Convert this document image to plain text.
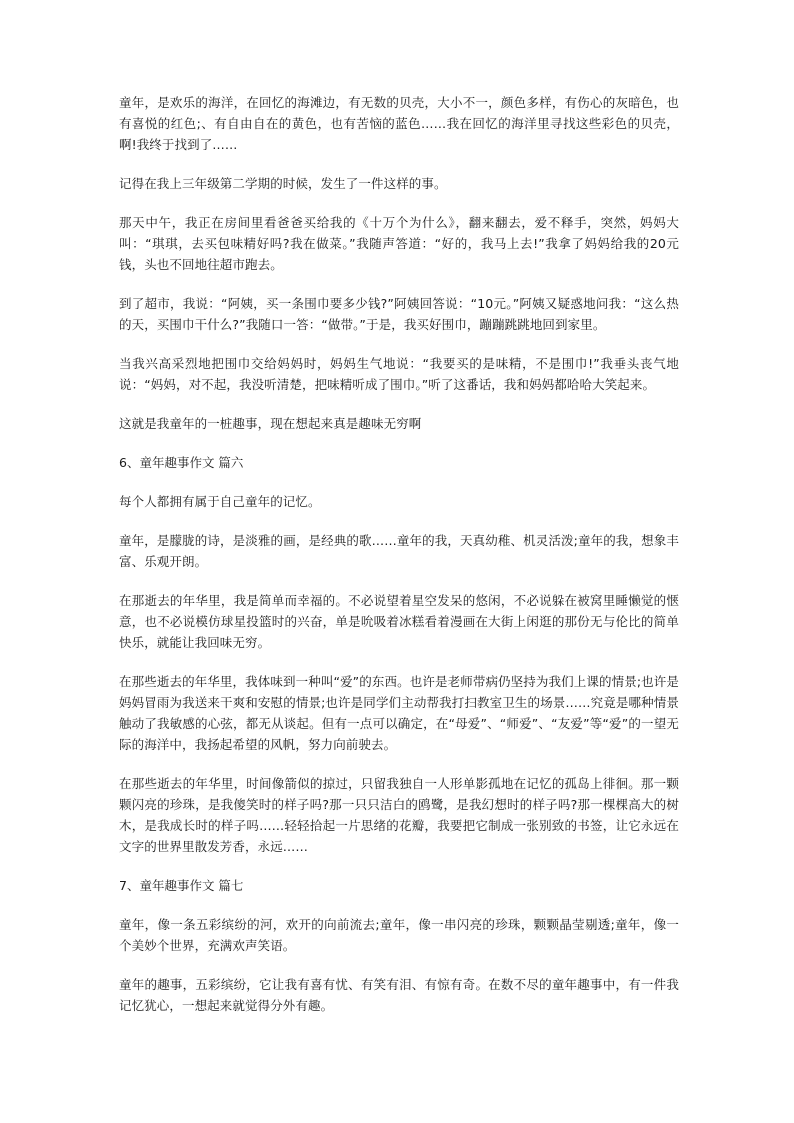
童年，是欢乐的海洋，在回忆的海滩边，有无数的贝壳，大小不一，颜色多样，有伤心的灰暗色，也有喜悦的红色;、有自由自在的黄色，也有苦恼的蓝色……我在回忆的海洋里寻找这些彩色的贝壳，啊!我终于找到了……

记得在我上三年级第二学期的时候，发生了一件这样的事。

那天中午，我正在房间里看爸爸买给我的《十万个为什么》，翻来翻去，爱不释手，突然，妈妈大叫：“琪琪，去买包味精好吗?我在做菜。”我随声答道：“好的，我马上去!”我拿了妈妈给我的20元钱，头也不回地往超市跑去。

到了超市，我说：“阿姨，买一条围巾要多少钱?”阿姨回答说：“10元。”阿姨又疑惑地问我：“这么热的天，买围巾干什么?”我随口一答：“做带。”于是，我买好围巾，蹦蹦跳跳地回到家里。

当我兴高采烈地把围巾交给妈妈时，妈妈生气地说：“我要买的是味精，不是围巾!”我垂头丧气地说：“妈妈，对不起，我没听清楚，把味精听成了围巾。”听了这番话，我和妈妈都哈哈大笑起来。

这就是我童年的一桩趣事，现在想起来真是趣味无穷啊

6、童年趣事作文 篇六

每个人都拥有属于自己童年的记忆。

童年，是朦胧的诗，是淡雅的画，是经典的歌……童年的我，天真幼稚、机灵活泼;童年的我，想象丰富、乐观开朗。

在那逝去的年华里，我是简单而幸福的。不必说望着星空发呆的悠闲，不必说躲在被窝里睡懒觉的惬意，也不必说模仿球星投篮时的兴奋，单是吮吸着冰糕看着漫画在大街上闲逛的那份无与伦比的简单快乐，就能让我回味无穷。

在那些逝去的年华里，我体味到一种叫“爱”的东西。也许是老师带病仍坚持为我们上课的情景;也许是妈妈冒雨为我送来干爽和安慰的情景;也许是同学们主动帮我打扫教室卫生的场景……究竟是哪种情景触动了我敏感的心弦，都无从谈起。但有一点可以确定，在“母爱”、“师爱”、“友爱”等“爱”的一望无际的海洋中，我扬起希望的风帆，努力向前驶去。

在那些逝去的年华里，时间像箭似的掠过，只留我独自一人形单影孤地在记忆的孤岛上徘徊。那一颗颗闪亮的珍珠，是我傻笑时的样子吗?那一只只洁白的鸥鹭，是我幻想时的样子吗?那一棵棵高大的树木，是我成长时的样子吗……轻轻拾起一片思绪的花瓣，我要把它制成一张别致的书签，让它永远在文字的世界里散发芳香，永远……

7、童年趣事作文 篇七

童年，像一条五彩缤纷的河，欢开的向前流去;童年，像一串闪亮的珍珠，颗颗晶莹剔透;童年，像一个美妙个世界，充满欢声笑语。

童年的趣事，五彩缤纷，它让我有喜有忧、有笑有泪、有惊有奇。在数不尽的童年趣事中，有一件我记忆犹心，一想起来就觉得分外有趣。
